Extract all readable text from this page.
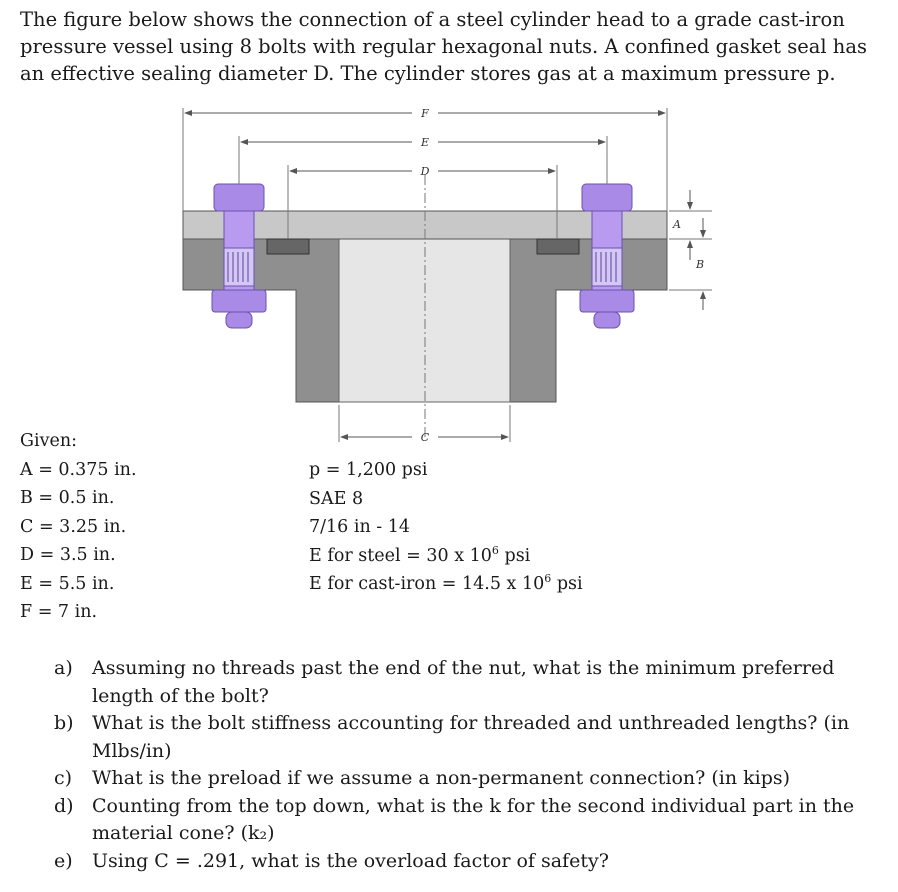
The figure below shows the connection of a steel cylinder head to a grade cast-iron pressure vessel using 8 bolts with regular hexagonal nuts. A confined gasket seal has an effective sealing diameter D. The cylinder stores gas at a maximum pressure p.

F
E
D
C
A
B
Given:
A = 0.375 in.
B = 0.5 in.
C = 3.25 in.
D = 3.5 in.
E = 5.5 in.
F = 7 in.
p = 1,200 psi
SAE 8
7/16 in - 14
E for steel = 30 x $10^6$ psi
E for cast-iron = 14.5 x $10^6$ psi
a) Assuming no threads past the end of the nut, what is the minimum preferred length of the bolt?
b) What is the bolt stiffness accounting for threaded and unthreaded lengths? (in Mlbs/in)
c) What is the preload if we assume a non-permanent connection? (in kips)
d) Counting from the top down, what is the k for the second individual part in the material cone? (k₂)
e) Using C = .291, what is the overload factor of safety?
